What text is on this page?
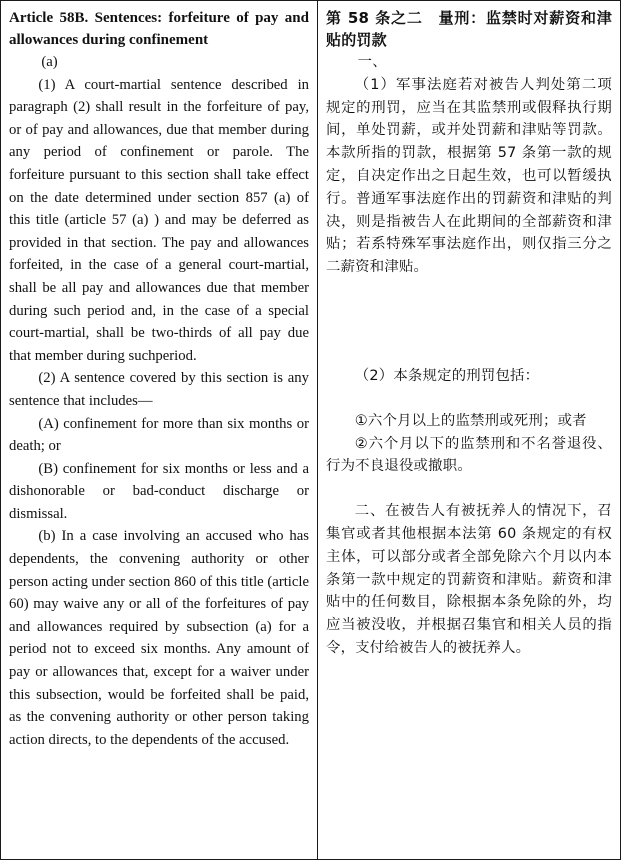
Article 58B. Sentences: forfeiture of pay and allowances during confinement

(a)

(1) A court-martial sentence described in paragraph (2) shall result in the forfeiture of pay, or of pay and allowances, due that member during any period of confinement or parole. The forfeiture pursuant to this section shall take effect on the date determined under section 857 (a) of this title (article 57 (a) ) and may be deferred as provided in that section. The pay and allowances forfeited, in the case of a general court-martial, shall be all pay and allowances due that member during such period and, in the case of a special court-martial, shall be two-thirds of all pay due that member during suchperiod.

(2) A sentence covered by this section is any sentence that includes—

(A) confinement for more than six months or death; or

(B) confinement for six months or less and a dishonorable or bad-conduct discharge or dismissal.

(b) In a case involving an accused who has dependents, the convening authority or other person acting under section 860 of this title (article 60) may waive any or all of the forfeitures of pay and allowances required by subsection (a) for a period not to exceed six months. Any amount of pay or allowances that, except for a waiver under this subsection, would be forfeited shall be paid, as the convening authority or other person taking action directs, to the dependents of the accused.

第 58 条之二　量刑：监禁时对薪资和津贴的罚款

一、

（1）军事法庭若对被告人判处第二项规定的刑罚，应当在其监禁刑或假释执行期间，单处罚薪，或并处罚薪和津贴等罚款。本款所指的罚款，根据第 57 条第一款的规定，自决定作出之日起生效，也可以暂缓执行。普通军事法庭作出的罚薪资和津贴的判决，则是指被告人在此期间的全部薪资和津贴；若系特殊军事法庭作出，则仅指三分之二薪资和津贴。

（2）本条规定的刑罚包括：

①六个月以上的监禁刑或死刑；或者

②六个月以下的监禁刑和不名誉退役、行为不良退役或撤职。

二、在被告人有被抚养人的情况下，召集官或者其他根据本法第 60 条规定的有权主体，可以部分或者全部免除六个月以内本条第一款中规定的罚薪资和津贴。薪资和津贴中的任何数目，除根据本条免除的外，均应当被没收，并根据召集官和相关人员的指令，支付给被告人的被抚养人。
